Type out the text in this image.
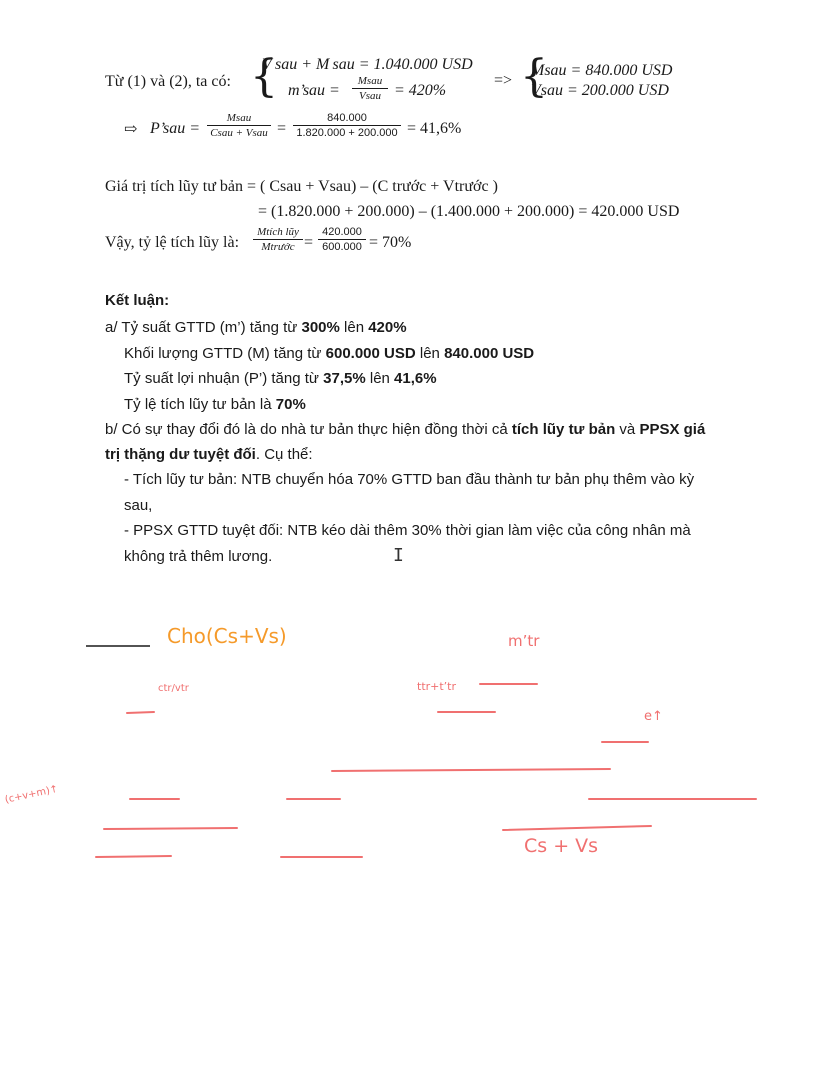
Từ (1) và (2), ta có: {
V sau + M sau = 1.040.000 USD
m’sau =
Msau
Vsau = 420%
=> {
Msau = 840.000 USD
Vsau = 200.000 USD
⇨ P’sau =
Msau
Csau + Vsau =
840.000
1.820.000 + 200.000 = 41,6%
Giá trị tích lũy tư bản = ( Csau + Vsau) – (C trước + Vtrước )
= (1.820.000 + 200.000) – (1.400.000 + 200.000) = 420.000 USD
Vậy, tỷ lệ tích lũy là:
Mtích lũy
Mtrước =
420.000
600.000 = 70%
Kết luận:
a/ Tỷ suất GTTD (m’) tăng từ 300% lên 420%
Khối lượng GTTD (M) tăng từ 600.000 USD lên 840.000 USD
Tỷ suất lợi nhuận (P’) tăng từ 37,5% lên 41,6%
Tỷ lệ tích lũy tư bản là 70%
b/ Có sự thay đổi đó là do nhà tư bản thực hiện đồng thời cả tích lũy tư bản và PPSX giá
trị thặng dư tuyệt đối. Cụ thể:
- Tích lũy tư bản: NTB chuyển hóa 70% GTTD ban đầu thành tư bản phụ thêm vào kỳ
sau,
- PPSX GTTD tuyệt đối: NTB kéo dài thêm 30% thời gian làm việc của công nhân mà
không trả thêm lương.	I
Cho(Cs+Vs)	m’tr
ctr/vtr	ttr+t’tr
e↑
(c+v+m)↑
Cs + Vs
